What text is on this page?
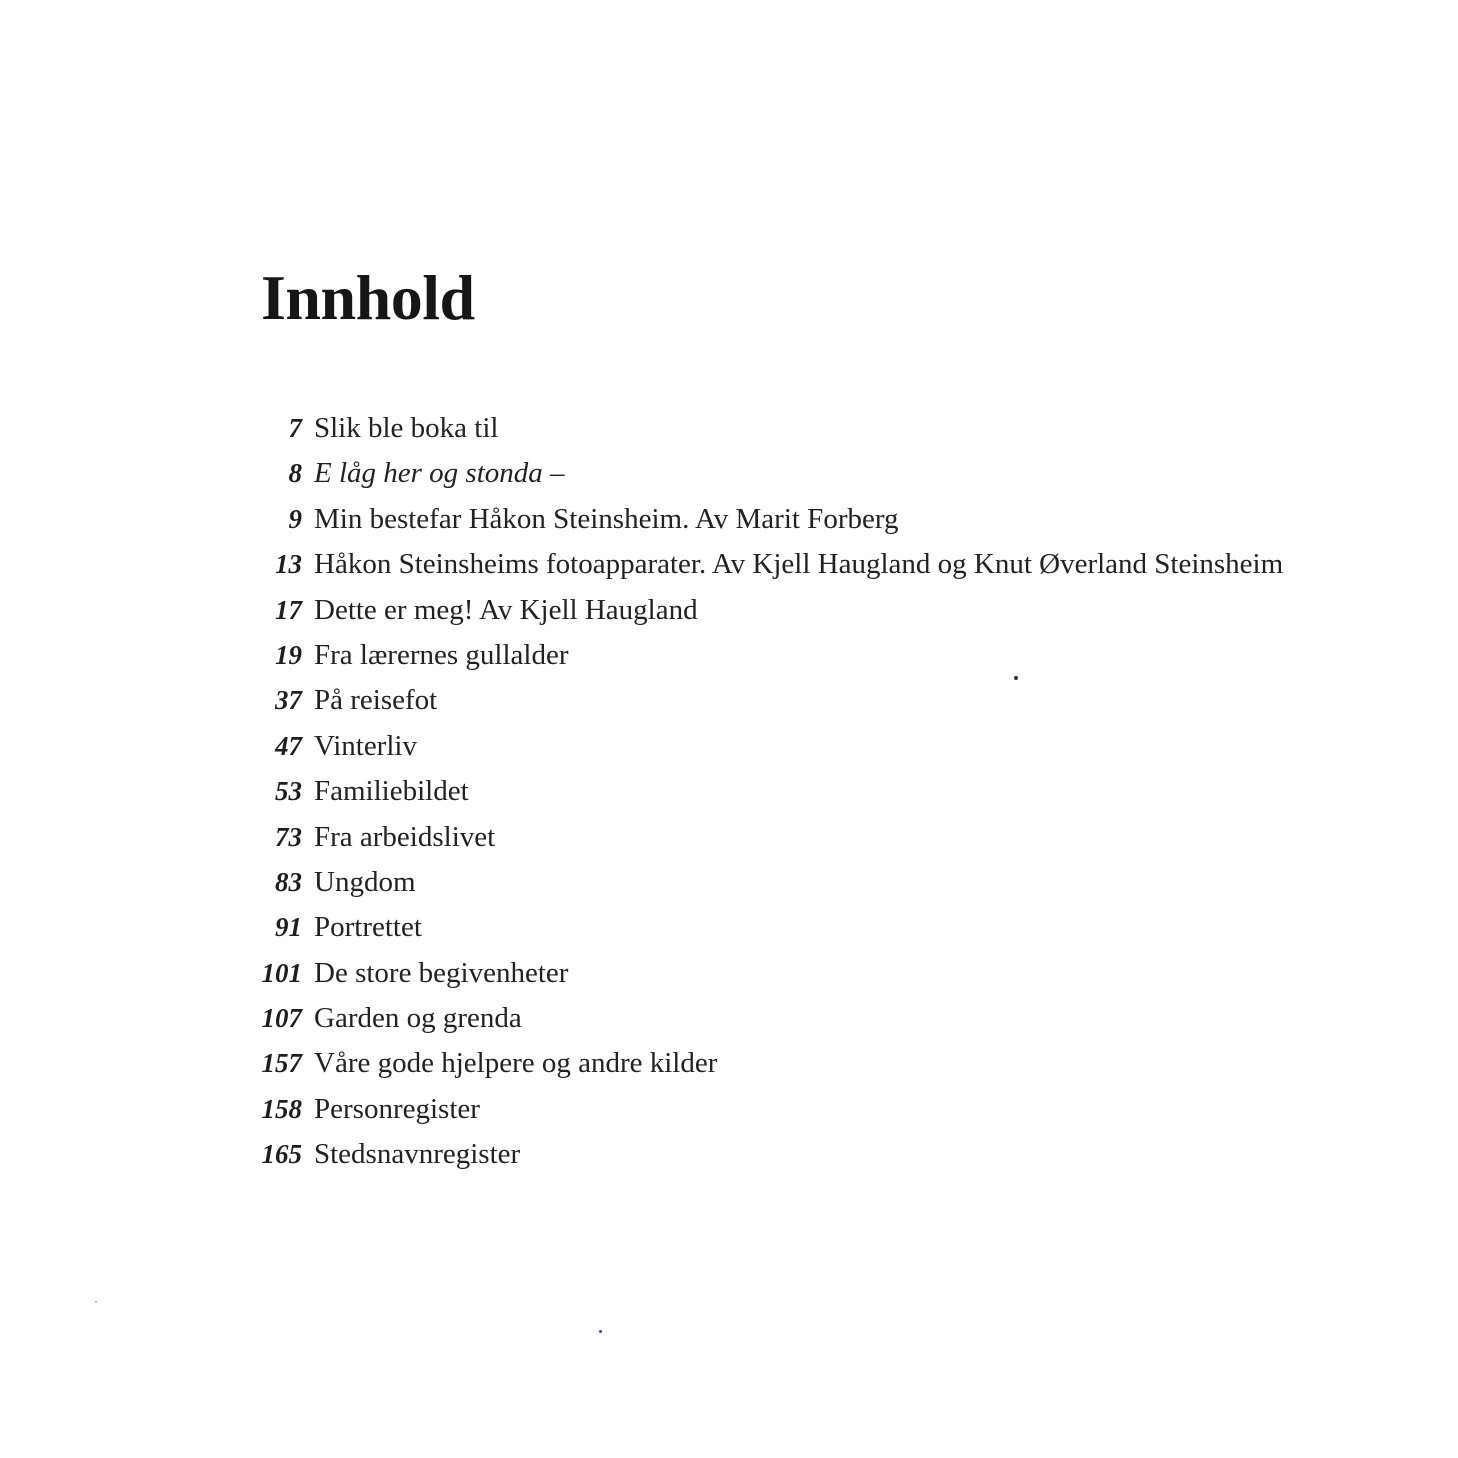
Innhold
7 Slik ble boka til
8 E låg her og stonda –
9 Min bestefar Håkon Steinsheim. Av Marit Forberg
13 Håkon Steinsheims fotoapparater. Av Kjell Haugland og Knut Øverland Steinsheim
17 Dette er meg! Av Kjell Haugland
19 Fra lærernes gullalder
37 På reisefot
47 Vinterliv
53 Familiebildet
73 Fra arbeidslivet
83 Ungdom
91 Portrettet
101 De store begivenheter
107 Garden og grenda
157 Våre gode hjelpere og andre kilder
158 Personregister
165 Stedsnavnregister
